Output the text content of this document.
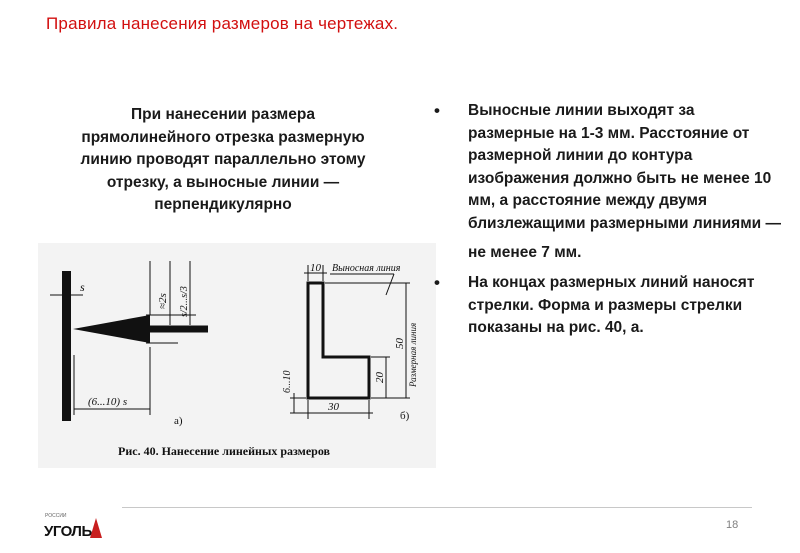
Правила нанесения размеров на чертежах.
При нанесении размера прямолинейного отрезка размерную линию проводят параллельно этому отрезку, а выносные линии — перпендикулярно
s
≈2s s/2...s/3
(6...10) s
а)
10 Выносная линия
50
20 Размерная линия
30
6...10
б)
Рис. 40. Нанесение линейных размеров
• Выносные линии выходят за размерные на 1-3 мм. Расстояние от размерной линии до контура изображения должно быть не менее 10 мм, а расстояние между двумя близлежащими размерными линиями —
не менее 7 мм.
• На концах размерных линий наносят стрелки. Форма и размеры стрелки показаны на рис. 40, а.
18
РОССИИ
УГОЛЬ
